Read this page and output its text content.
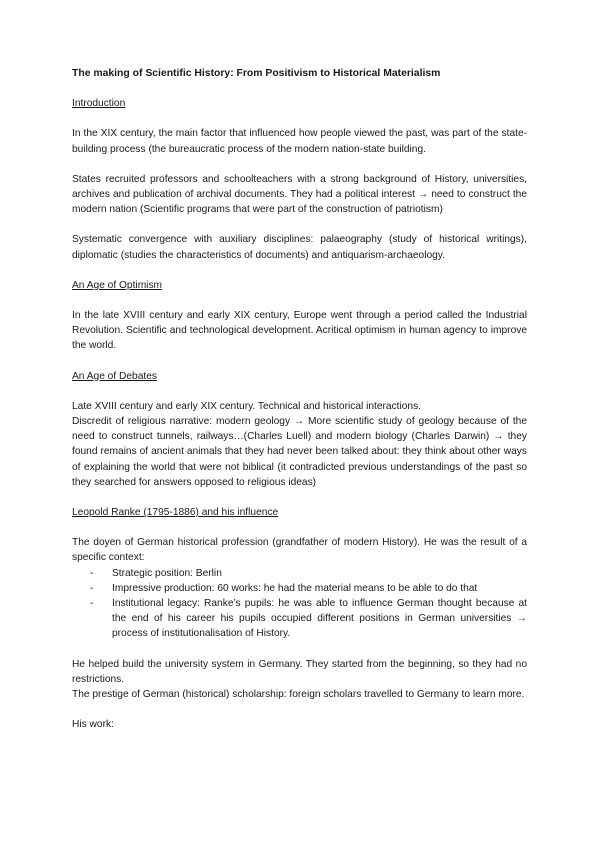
The making of Scientific History: From Positivism to Historical Materialism
Introduction

In the XIX century, the main factor that influenced how people viewed the past, was part of the state-building process (the bureaucratic process of the modern nation-state building.

States recruited professors and schoolteachers with a strong background of History, universities, archives and publication of archival documents. They had a political interest → need to construct the modern nation (Scientific programs that were part of the construction of patriotism)

Systematic convergence with auxiliary disciplines: palaeography (study of historical writings), diplomatic (studies the characteristics of documents) and antiquarism-archaeology.

An Age of Optimism

In the late XVIII century and early XIX century, Europe went through a period called the Industrial Revolution. Scientific and technological development. Acritical optimism in human agency to improve the world.

An Age of Debates

Late XVIII century and early XIX century. Technical and historical interactions.

Discredit of religious narrative: modern geology → More scientific study of geology because of the need to construct tunnels, railways…(Charles Luell) and modern biology (Charles Darwin) → they found remains of ancient animals that they had never been talked about: they think about other ways of explaining the world that were not biblical (it contradicted previous understandings of the past so they searched for answers opposed to religious ideas)

Leopold Ranke (1795-1886) and his influence

The doyen of German historical profession (grandfather of modern History). He was the result of a specific context:

- Strategic position: Berlin
- Impressive production: 60 works: he had the material means to be able to do that
- Institutional legacy: Ranke’s pupils: he was able to influence German thought because at the end of his career his pupils occupied different positions in German universities → process of institutionalisation of History.

He helped build the university system in Germany. They started from the beginning, so they had no restrictions.

The prestige of German (historical) scholarship: foreign scholars travelled to Germany to learn more.

His work:
